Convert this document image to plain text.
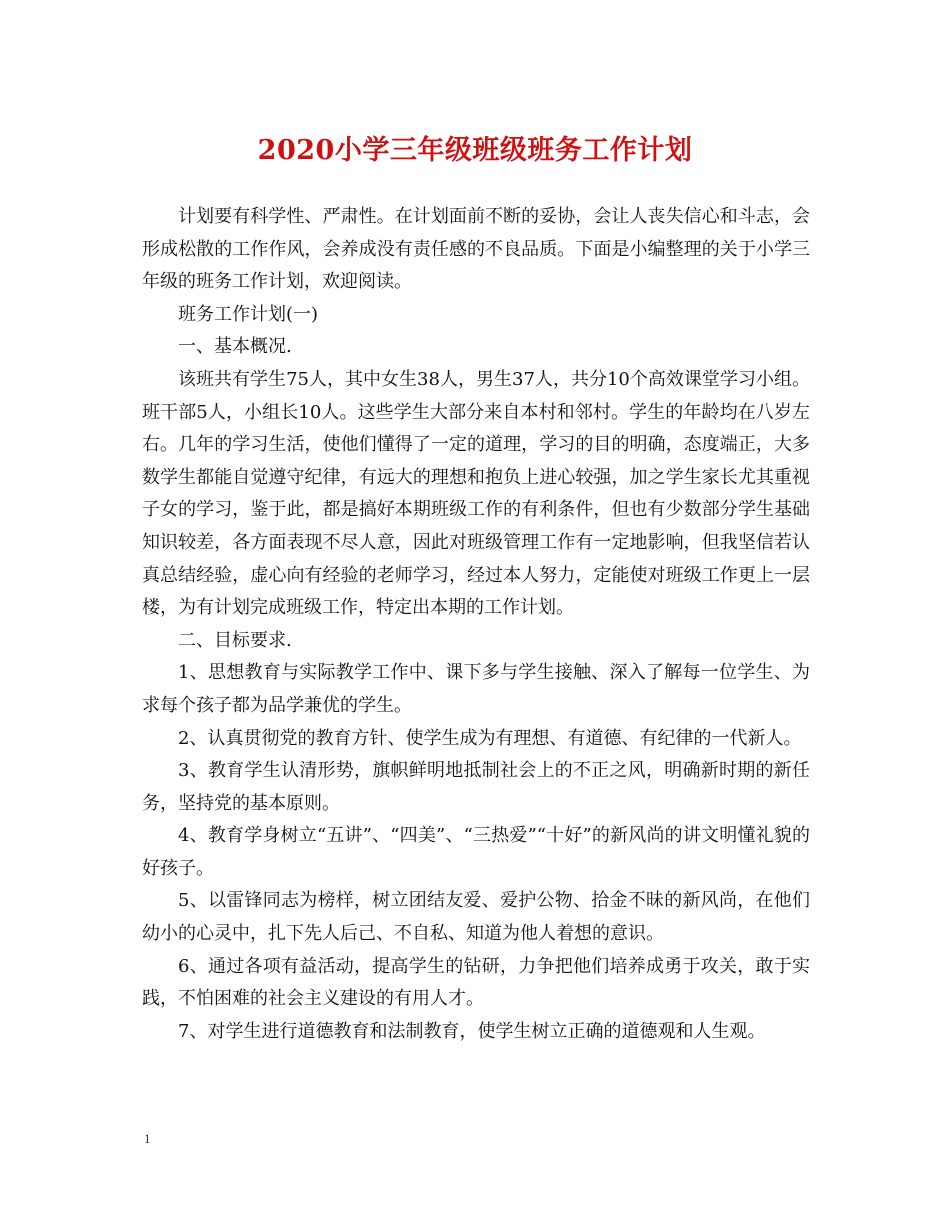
2020小学三年级班级班务工作计划

计划要有科学性、严肃性。在计划面前不断的妥协，会让人丧失信心和斗志，会形成松散的工作作风，会养成没有责任感的不良品质。下面是小编整理的关于小学三年级的班务工作计划，欢迎阅读。

班务工作计划(一)

一、基本概况.

该班共有学生75人，其中女生38人，男生37人，共分10个高效课堂学习小组。班干部5人，小组长10人。这些学生大部分来自本村和邻村。学生的年龄均在八岁左右。几年的学习生活，使他们懂得了一定的道理，学习的目的明确，态度端正，大多数学生都能自觉遵守纪律，有远大的理想和抱负上进心较强，加之学生家长尤其重视子女的学习，鉴于此，都是搞好本期班级工作的有利条件，但也有少数部分学生基础知识较差，各方面表现不尽人意，因此对班级管理工作有一定地影响，但我坚信若认真总结经验，虚心向有经验的老师学习，经过本人努力，定能使对班级工作更上一层楼，为有计划完成班级工作，特定出本期的工作计划。

二、目标要求.

1、思想教育与实际教学工作中、课下多与学生接触、深入了解每一位学生、为求每个孩子都为品学兼优的学生。

2、认真贯彻党的教育方针、使学生成为有理想、有道德、有纪律的一代新人。

3、教育学生认清形势，旗帜鲜明地抵制社会上的不正之风，明确新时期的新任务，坚持党的基本原则。

4、教育学身树立“五讲”、“四美”、“三热爱”“十好”的新风尚的讲文明懂礼貌的好孩子。

5、以雷锋同志为榜样，树立团结友爱、爱护公物、拾金不昧的新风尚，在他们幼小的心灵中，扎下先人后己、不自私、知道为他人着想的意识。

6、通过各项有益活动，提高学生的钻研，力争把他们培养成勇于攻关，敢于实践，不怕困难的社会主义建设的有用人才。

7、对学生进行道德教育和法制教育，使学生树立正确的道德观和人生观。

1
